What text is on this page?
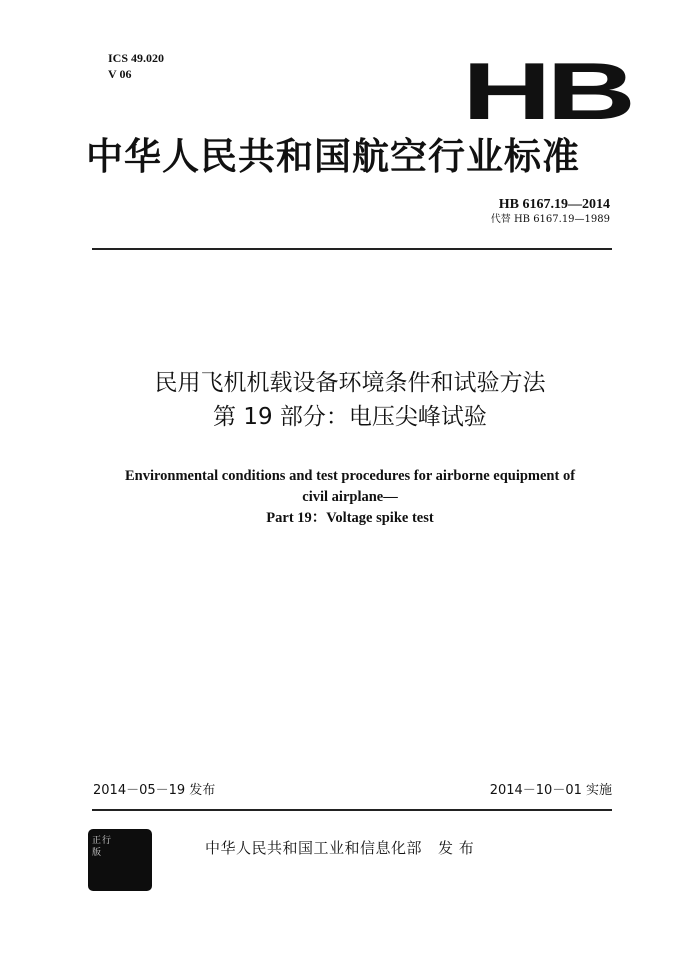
ICS 49.020
V 06	HB
中华人民共和国航空行业标准
HB 6167.19—2014
代替 HB 6167.19—1989
民用飞机机载设备环境条件和试验方法
第 19 部分：电压尖峰试验
Environmental conditions and test procedures for airborne equipment of
civil airplane—
Part 19：Voltage spike test
2014－05－19 发布	2014－10－01 实施
正行版	中华人民共和国工业和信息化部 发 布
